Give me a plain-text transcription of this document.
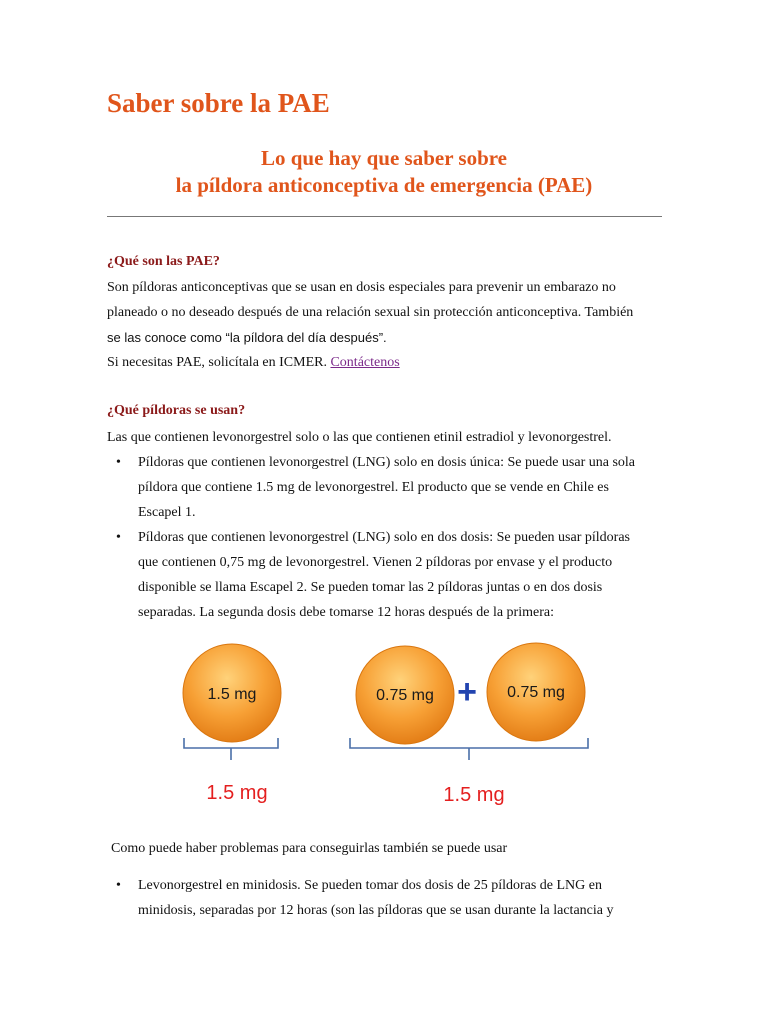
Saber sobre la PAE
Lo que hay que saber sobre
la píldora anticonceptiva de emergencia (PAE)
¿Qué son las PAE?
Son píldoras anticonceptivas que se usan en dosis especiales para prevenir un embarazo no
planeado o no deseado después de una relación sexual sin protección anticonceptiva. También
se las conoce como “la píldora del día después”.
Si necesitas PAE, solicítala en ICMER. Contáctenos
¿Qué píldoras se usan?
Las que contienen levonorgestrel solo o las que contienen etinil estradiol y levonorgestrel.
• Píldoras que contienen levonorgestrel (LNG) solo en dosis única: Se puede usar una sola
píldora que contiene 1.5 mg de levonorgestrel. El producto que se vende en Chile es
Escapel 1.
• Píldoras que contienen levonorgestrel (LNG) solo en dos dosis: Se pueden usar píldoras
que contienen 0,75 mg de levonorgestrel. Vienen 2 píldoras por envase y el producto
disponible se llama Escapel 2. Se pueden tomar las 2 píldoras juntas o en dos dosis
separadas. La segunda dosis debe tomarse 12 horas después de la primera:
1.5 mg	0.75 mg + 0.75 mg
1.5 mg	1.5 mg
Como puede haber problemas para conseguirlas también se puede usar
• Levonorgestrel en minidosis. Se pueden tomar dos dosis de 25 píldoras de LNG en
minidosis, separadas por 12 horas (son las píldoras que se usan durante la lactancia y
